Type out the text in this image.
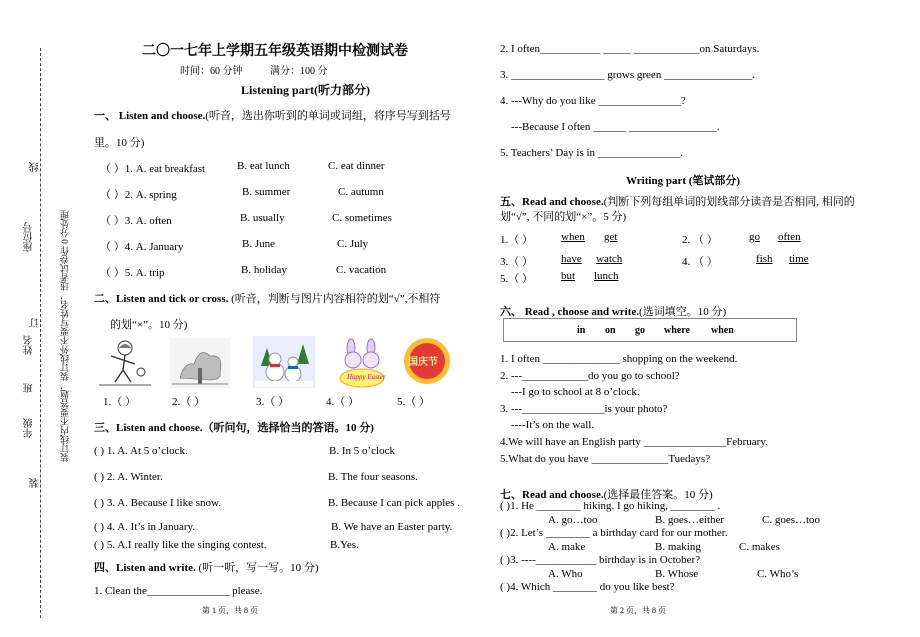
线
订
装
座位号
姓名
班
年级	装订线内不要答题，装订线外不要写姓名，违者试卷作 0 分处理
二〇一七年上学期五年级英语期中检测试卷
时间：60 分钟	满分：100 分
Listening part(听力部分)
一、 Listen and choose.(听音，选出你听到的单词或词组，将序号写到括号
里。10 分)
（ ）1. A. eat breakfast	B. eat lunch	C. eat dinner
（ ）2. A. spring	B. summer	C. autumn
（ ）3. A. often	B. usually	C. sometimes
（ ）4. A. January	B. June	C. July
（ ）5. A. trip	B. holiday	C. vacation
二、Listen and tick or cross. (听音，判断与图片内容相符的划“√”,不相符
的划“×”。10 分)
Happy Easter
国庆节
1.（ ）	2.（ ）	3.（ ）	4.（ ）	5.（ ）
三、Listen and choose.（听问句，选择恰当的答语。10 分)
( ) 1. A. At 5 o’clock.	B. In 5 o’clock
( ) 2. A. Winter.	B. The four seasons.
( ) 3. A. Because I like snow.	B. Because I can pick apples .
( ) 4. A. It’s in January.	B. We have an Easter party.
( ) 5. A.I really like the singing contest.	B.Yes.
四、Listen and write. (听一听，写一写。10 分)
1. Clean the_______________ please.
第 1 页，共 8 页
2. I often___________ _____ ____________on Saturdays.
3. _________________ grows green ________________.
4. ---Why do you like _______________?
---Because I often ______ ________________.
5. Teachers’ Day is in _______________.
Writing part (笔试部分)
五、Read and choose.(判断下列每组单词的划线部分读音是否相同, 相同的
划“√”, 不同的划“×”。5 分)
1.（ ）	when get	2. （ ）	go often
3.（ ）	have watch	4. （ ）	fish time
5.（ ）	but lunch
六、 Read , choose and write.(选词填空。10 分)
in on go where when
1. I often ______________ shopping on the weekend.
2. ---____________do you go to school?
---I go to school at 8 o’clock.
3. ---_______________is your photo?
----It’s on the wall.
4.We will have an English party _______________February.
5.What do you have ______________Tuedays?
七、Read and choose.(选择最佳答案。10 分)
( )1. He ________ hiking. I go hiking, ________ .
A. go…too	B. goes…either	C. goes…too
( )2. Let’s ________ a birthday card for our mother.
A. make	B. making	C. makes
( )3. ----___________ birthday is in October?
A. Who	B. Whose	C. Who’s
( )4. Which ________ do you like best?
第 2 页，共 8 页
